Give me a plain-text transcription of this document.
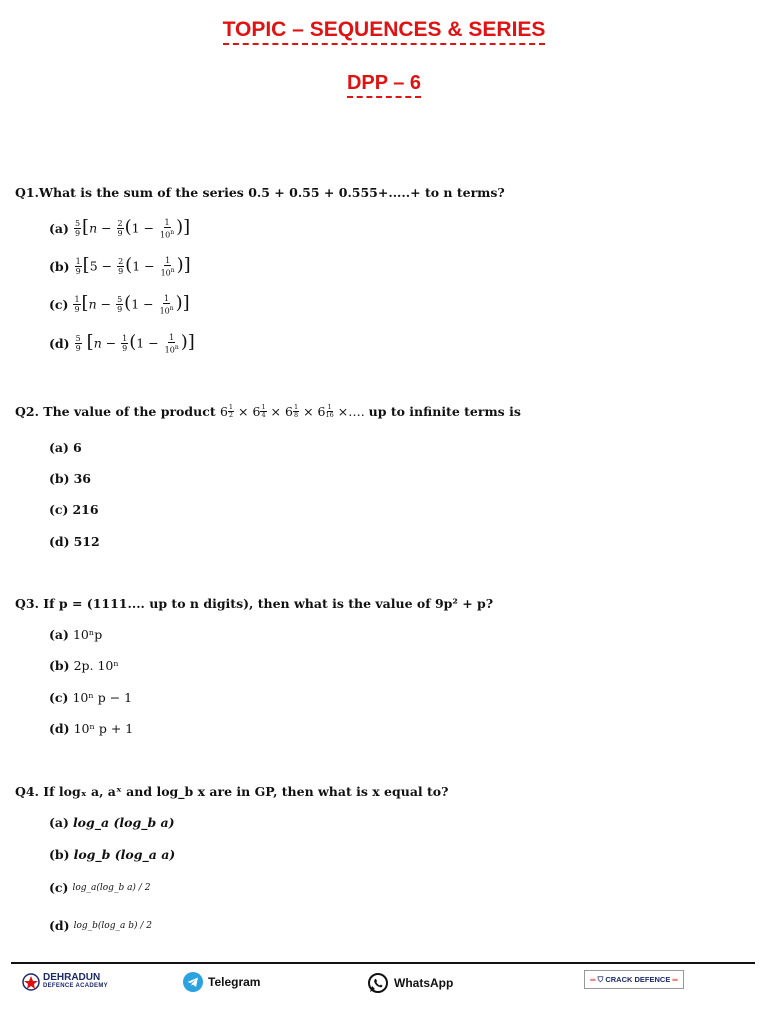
TOPIC – SEQUENCES & SERIES
DPP – 6
Q1.What is the sum of the series 0.5 + 0.55 + 0.555+.....+ to n terms?
$(a) \frac{5}{9} [n - \frac{2}{9} (1 - \frac{1}{10^n}$ )]
$(b) \frac{1}{9} [5 - \frac{2}{9} (1 - \frac{1}{10^n}$ )]
$(c) \frac{1}{9} [n - \frac{5}{9} (1 - \frac{1}{10^n}$ )]
$(d) \frac{5}{9} [n - \frac{1}{9} (1 - \frac{1}{10^n}$ )]
Q2. The value of the product $6 \frac{1}{2} \times 6 \frac{1}{4} \times 6 \frac{1}{8} \times 6 \frac{1}{16}$ ×…. up to infinite terms is
(a) 6
(b) 36
(c) 216
(d) 512
Q3. If p = (1111.... up to n digits), then what is the value of 9p² + p?
(a) 10ⁿp
(b) 2p. 10ⁿ
(c) 10ⁿ p − 1
(d) 10ⁿ p + 1
Q4. If logₓ a, aˣ and log_b x are in GP, then what is x equal to?
(a) log_a (log_b a)
(b) log_b (log_a a)
(c) log_a(log_b a) / 2
(d) log_b(log_a b) / 2
DEHRADUN
DEFENCE ACADEMY	Telegram	WhatsApp	═ ⛉
CRACK DEFENCE ═
